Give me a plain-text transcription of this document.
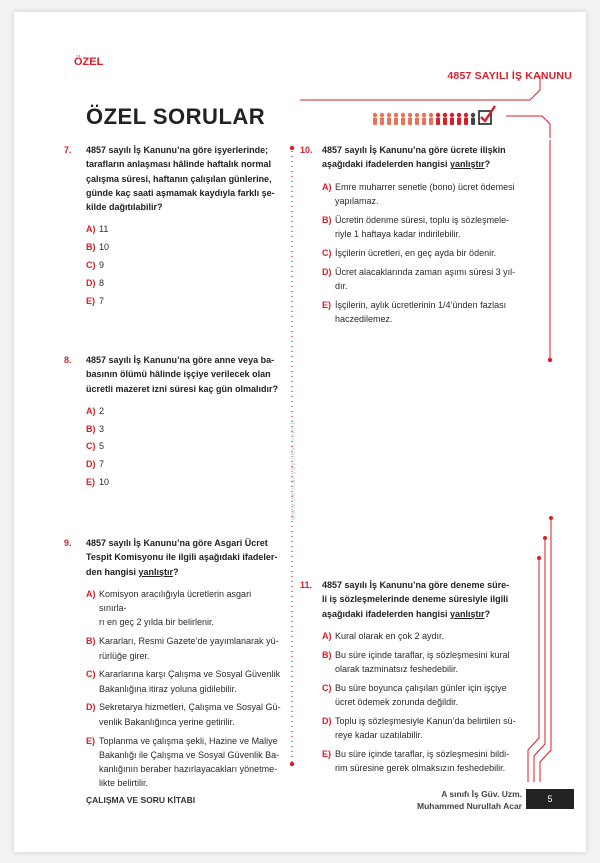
ÖZEL
4857 SAYILI İŞ KANUNU
ÖZEL SORULAR
www.pelikanyayinevi.com.tr
7. 4857 sayılı İş Kanunu’na göre işyerlerinde;
tarafların anlaşması hâlinde haftalık normal
çalışma süresi, haftanın çalışılan günlerine,
günde kaç saati aşmamak kaydıyla farklı şe-
kilde dağıtılabilir?
A) 11
B) 10
C) 9
D) 8
E) 7
8. 4857 sayılı İş Kanunu’na göre anne veya ba-
basının ölümü hâlinde işçiye verilecek olan
ücretli mazeret izni süresi kaç gün olmalıdır?
A) 2
B) 3
C) 5
D) 7
E) 10
9. 4857 sayılı İş Kanunu’na göre Asgari Ücret
Tespit Komisyonu ile ilgili aşağıdaki ifadeler-
den hangisi yanlıştır?
A) Komisyon aracılığıyla ücretlerin asgari sınırla-
rı en geç 2 yılda bir belirlenir.
B) Kararları, Resmi Gazete’de yayımlanarak yü-
rürlüğe girer.
C) Kararlarına karşı Çalışma ve Sosyal Güvenlik
Bakanlığına itiraz yoluna gidilebilir.
D) Sekretarya hizmetleri, Çalışma ve Sosyal Gü-
venlik Bakanlığınca yerine getirilir.
E) Toplanma ve çalışma şekli, Hazine ve Maliye
Bakanlığı ile Çalışma ve Sosyal Güvenlik Ba-
kanlığının beraber hazırlayacakları yönetme-
likte belirtilir.
10. 4857 sayılı İş Kanunu’na göre ücrete ilişkin
aşağıdaki ifadelerden hangisi yanlıştır?
A) Emre muharrer senetle (bono) ücret ödemesi
yapılamaz.
B) Ücretin ödenme süresi, toplu iş sözleşmele-
riyle 1 haftaya kadar indirilebilir.
C) İşçilerin ücretleri, en geç ayda bir ödenir.
D) Ücret alacaklarında zaman aşımı süresi 3 yıl-
dır.
E) İşçilerin, aylık ücretlerinin 1/4’ünden fazlası
haczedilemez.
11. 4857 sayılı İş Kanunu’na göre deneme süre-
li iş sözleşmelerinde deneme süresiyle ilgili
aşağıdaki ifadelerden hangisi yanlıştır?
A) Kural olarak en çok 2 aydır.
B) Bu süre içinde taraflar, iş sözleşmesini kural
olarak tazminatsız feshedebilir.
C) Bu süre boyunca çalışılan günler için işçiye
ücret ödemek zorunda değildir.
D) Toplu iş sözleşmesiyle Kanun’da belirtilen sü-
reye kadar uzatılabilir.
E) Bu süre içinde taraflar, iş sözleşmesini bildi-
rim süresine gerek olmaksızın feshedebilir.
ÇALIŞMA VE SORU KİTABI
A sınıfı İş Güv. Uzm.
Muhammed Nurullah Acar
5
